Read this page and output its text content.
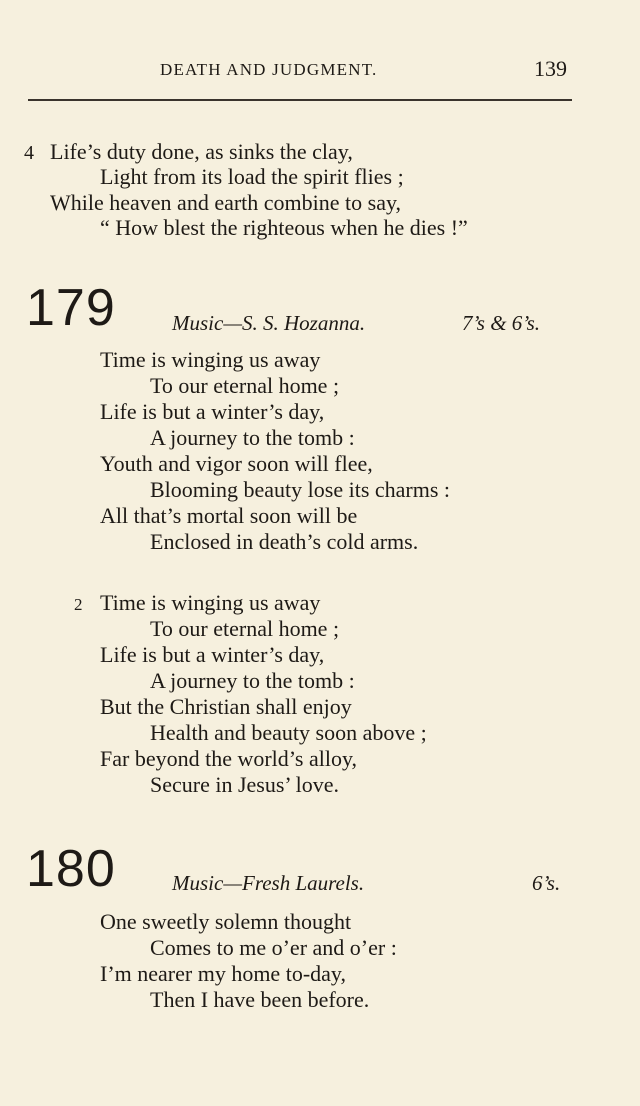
DEATH AND JUDGMENT.	139
4 Life’s duty done, as sinks the clay,
Light from its load the spirit flies ;
While heaven and earth combine to say,
“ How blest the righteous when he dies !”
179	Music—S. S. Hozanna.	7’s & 6’s.
Time is winging us away
To our eternal home ;
Life is but a winter’s day,
A journey to the tomb :
Youth and vigor soon will flee,
Blooming beauty lose its charms :
All that’s mortal soon will be
Enclosed in death’s cold arms.
2 Time is winging us away
To our eternal home ;
Life is but a winter’s day,
A journey to the tomb :
But the Christian shall enjoy
Health and beauty soon above ;
Far beyond the world’s alloy,
Secure in Jesus’ love.
180	Music—Fresh Laurels.	6’s.
One sweetly solemn thought
Comes to me o’er and o’er :
I’m nearer my home to-day,
Then I have been before.
